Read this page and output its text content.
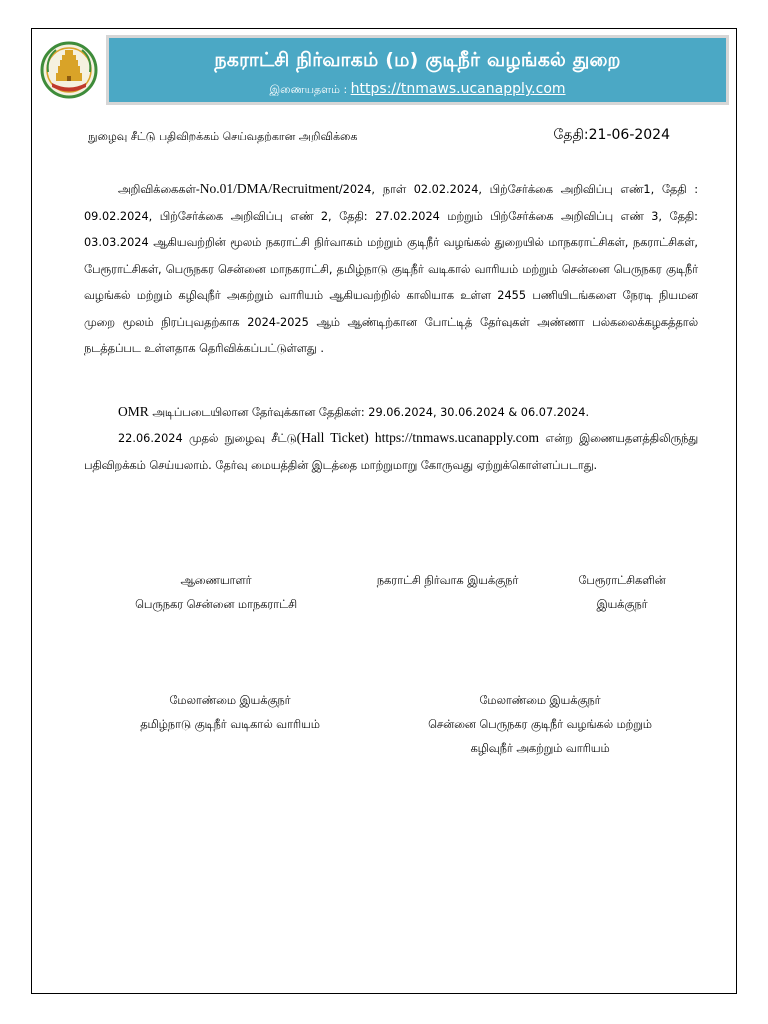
நகராட்சி நிர்வாகம் (ம) குடிநீர் வழங்கல் துறை
இணையதளம் : https://tnmaws.ucanapply.com
நுழைவு சீட்டு பதிவிறக்கம் செய்வதற்கான அறிவிக்கை	தேதி:21-06-2024
அறிவிக்கைகள்-No.01/DMA/Recruitment/2024, நாள் 02.02.2024, பிற்சேர்க்கை அறிவிப்பு எண்1, தேதி : 09.02.2024, பிற்சேர்க்கை அறிவிப்பு எண் 2, தேதி: 27.02.2024 மற்றும் பிற்சேர்க்கை அறிவிப்பு எண் 3, தேதி: 03.03.2024 ஆகியவற்றின் மூலம் நகராட்சி நிர்வாகம் மற்றும் குடிநீர் வழங்கல் துறையில் மாநகராட்சிகள், நகராட்சிகள், பேரூராட்சிகள், பெருநகர சென்னை மாநகராட்சி, தமிழ்நாடு குடிநீர் வடிகால் வாரியம் மற்றும் சென்னை பெருநகர குடிநீர் வழங்கல் மற்றும் கழிவுநீர் அகற்றும் வாரியம் ஆகியவற்றில் காலியாக உள்ள 2455 பணியிடங்களை நேரடி நியமன முறை மூலம் நிரப்புவதற்காக 2024-2025 ஆம் ஆண்டிற்கான போட்டித் தேர்வுகள் அண்ணா பல்கலைக்கழகத்தால் நடத்தப்பட உள்ளதாக தெரிவிக்கப்பட்டுள்ளது .
OMR அடிப்படையிலான தேர்வுக்கான தேதிகள்: 29.06.2024, 30.06.2024 & 06.07.2024.
22.06.2024 முதல் நுழைவு சீட்டு(Hall Ticket) https://tnmaws.ucanapply.com என்ற இணையதளத்திலிருந்து பதிவிறக்கம் செய்யலாம். தேர்வு மையத்தின் இடத்தை மாற்றுமாறு கோருவது ஏற்றுக்கொள்ளப்படாது.
ஆணையாளர்
பெருநகர சென்னை மாநகராட்சி
நகராட்சி நிர்வாக இயக்குநர்	பேரூராட்சிகளின்
இயக்குநர்
மேலாண்மை இயக்குநர்
தமிழ்நாடு குடிநீர் வடிகால் வாரியம்
மேலாண்மை இயக்குநர்
சென்னை பெருநகர குடிநீர் வழங்கல் மற்றும்
கழிவுநீர் அகற்றும் வாரியம்
